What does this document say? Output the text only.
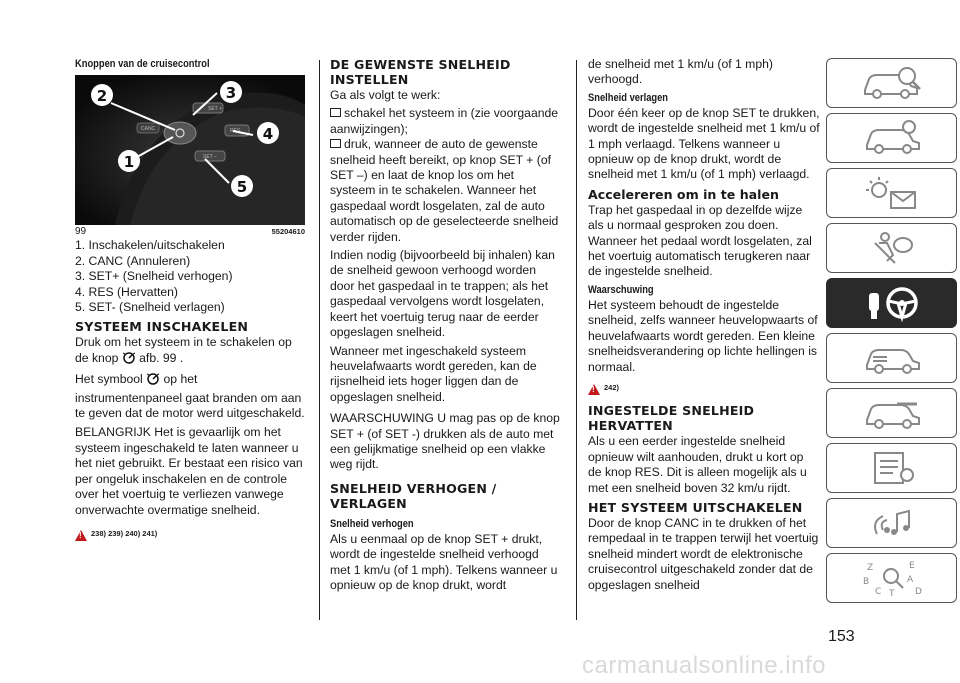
Knoppen van de cruisecontrol
SET +
SET –
CANC	RES
2	3
4
1
5
99	55204610
1. Inschakelen/uitschakelen
2. CANC (Annuleren)
3. SET+ (Snelheid verhogen)
4. RES (Hervatten)
5. SET- (Snelheid verlagen)
SYSTEEM INSCHAKELEN

Druk om het systeem in te schakelen op de knop afb. 99 .

Het symbool op het instrumentenpaneel gaat branden om aan te geven dat de motor werd uitgeschakeld.

BELANGRIJK Het is gevaarlijk om het systeem ingeschakeld te laten wanneer u het niet gebruikt. Er bestaat een risico van per ongeluk inschakelen en de controle over het voertuig te verliezen vanwege onverwachte overmatige snelheid.

!
238) 239) 240) 241)
DE GEWENSTE SNELHEID INSTELLEN

Ga als volgt te werk:

schakel het systeem in (zie voorgaande aanwijzingen);
druk, wanneer de auto de gewenste snelheid heeft bereikt, op knop SET + (of SET –) en laat de knop los om het systeem in te schakelen. Wanneer het gaspedaal wordt losgelaten, zal de auto automatisch op de geselecteerde snelheid verder rijden.

Indien nodig (bijvoorbeeld bij inhalen) kan de snelheid gewoon verhoogd worden door het gaspedaal in te trappen; als het gaspedaal vervolgens wordt losgelaten, keert het voertuig terug naar de eerder opgeslagen snelheid.

Wanneer met ingeschakeld systeem heuvelafwaarts wordt gereden, kan de rijsnelheid iets hoger liggen dan de opgeslagen snelheid.

WAARSCHUWING U mag pas op de knop SET + (of SET -) drukken als de auto met een gelijkmatige snelheid op een vlakke weg rijdt.

SNELHEID VERHOGEN / VERLAGEN
Snelheid verhogen

Als u eenmaal op de knop SET + drukt, wordt de ingestelde snelheid verhoogd met 1 km/u (of 1 mph). Telkens wanneer u opnieuw op de knop drukt, wordt

de snelheid met 1 km/u (of 1 mph) verhoogd.

Snelheid verlagen

Door één keer op de knop SET te drukken, wordt de ingestelde snelheid met 1 km/u of 1 mph verlaagd. Telkens wanneer u opnieuw op de knop drukt, wordt de snelheid met 1 km/u (of 1 mph) verlaagd.

Accelereren om in te halen

Trap het gaspedaal in op dezelfde wijze als u normaal gesproken zou doen. Wanneer het pedaal wordt losgelaten, zal het voertuig automatisch terugkeren naar de ingestelde snelheid.

Waarschuwing

Het systeem behoudt de ingestelde snelheid, zelfs wanneer heuvelopwaarts of heuvelafwaarts wordt gereden. Een kleine snelheidsverandering op lichte hellingen is normaal.

!
242)
INGESTELDE SNELHEID HERVATTEN

Als u een eerder ingestelde snelheid opnieuw wilt aanhouden, drukt u kort op de knop RES. Dit is alleen mogelijk als u met een snelheid boven 32 km/u rijdt.

HET SYSTEEM UITSCHAKELEN

Door de knop CANC in te drukken of het rempedaal in te trappen terwijl het voertuig snelheid mindert wordt de elektronische cruisecontrol uitgeschakeld zonder dat de opgeslagen snelheid

Z	E
B	A
C T D
153
carmanualsonline.info
